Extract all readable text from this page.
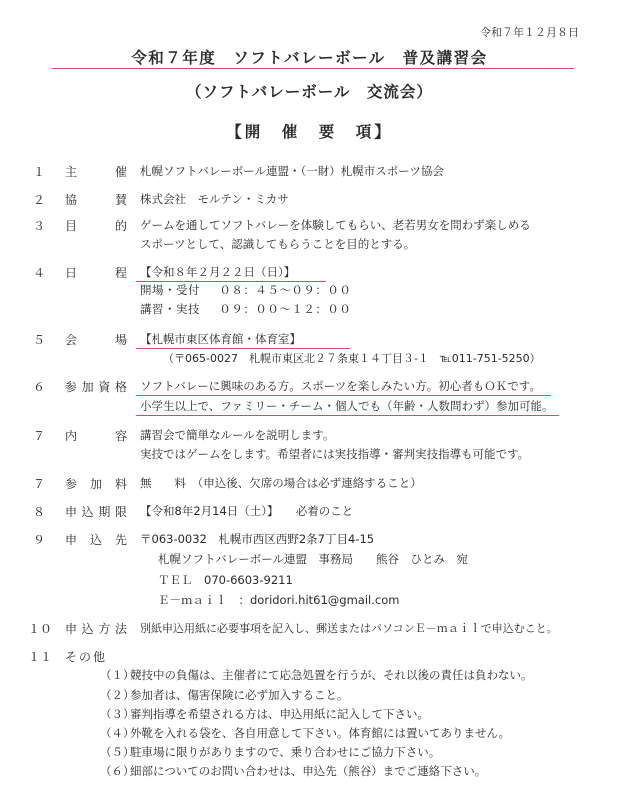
令和７年１２月８日
令和７年度　ソフトバレーボール　普及講習会
（ソフトバレーボール　交流会）
【開　催　要　項】
１ 主催 札幌ソフトバレーボール連盟・（一財）札幌市スポーツ協会
２ 協賛 株式会社　モルテン・ミカサ
３ 目的 ゲームを通してソフトバレーを体験してもらい、老若男女を問わず楽しめる
スポーツとして、認識してもらうことを目的とする。
４ 日程 【令和８年２月２２日（日）】
開場・受付　 ０８：４５～０９：００
講習・実技　 ０９：００～１２：００
５ 会場 【札幌市東区体育館・体育室】
（〒065-0027　札幌市東区北２７条東１４丁目３-１　℡011-751-5250）
６ 参加資格 ソフトバレーに興味のある方。スポーツを楽しみたい方。初心者もＯＫです。
小学生以上で、ファミリー・チーム・個人でも（年齢・人数問わず）参加可能。
７ 内容 講習会で簡単なルールを説明します。
実技ではゲームをします。希望者には実技指導・審判実技指導も可能です。
７ 参加料 無　　料　（申込後、欠席の場合は必ず連絡すること）
８ 申込期限 【令和8年2月14日（土）】　　必着のこと
９ 申込先 〒063-0032　札幌市西区西野2条7丁目4-15
札幌ソフトバレーボール連盟　事務局　　熊谷　ひとみ　宛
ＴＥＬ　070-6603-9211
Ｅ－ｍａｉｌ　：doridori.hit61@gmail.com
１０ 申込方法 別紙申込用紙に必要事項を記入し、郵送またはパソコンＥ－ｍａｉｌで申込むこと。
１１ その他
（１）競技中の負傷は、主催者にて応急処置を行うが、それ以後の責任は負わない。
（２）参加者は、傷害保険に必ず加入すること。
（３）審判指導を希望される方は、申込用紙に記入して下さい。
（４）外靴を入れる袋を、各自用意して下さい。体育館には置いてありません。
（５）駐車場に限りがありますので、乗り合わせにご協力下さい。
（６）細部についてのお問い合わせは、申込先（熊谷）までご連絡下さい。
